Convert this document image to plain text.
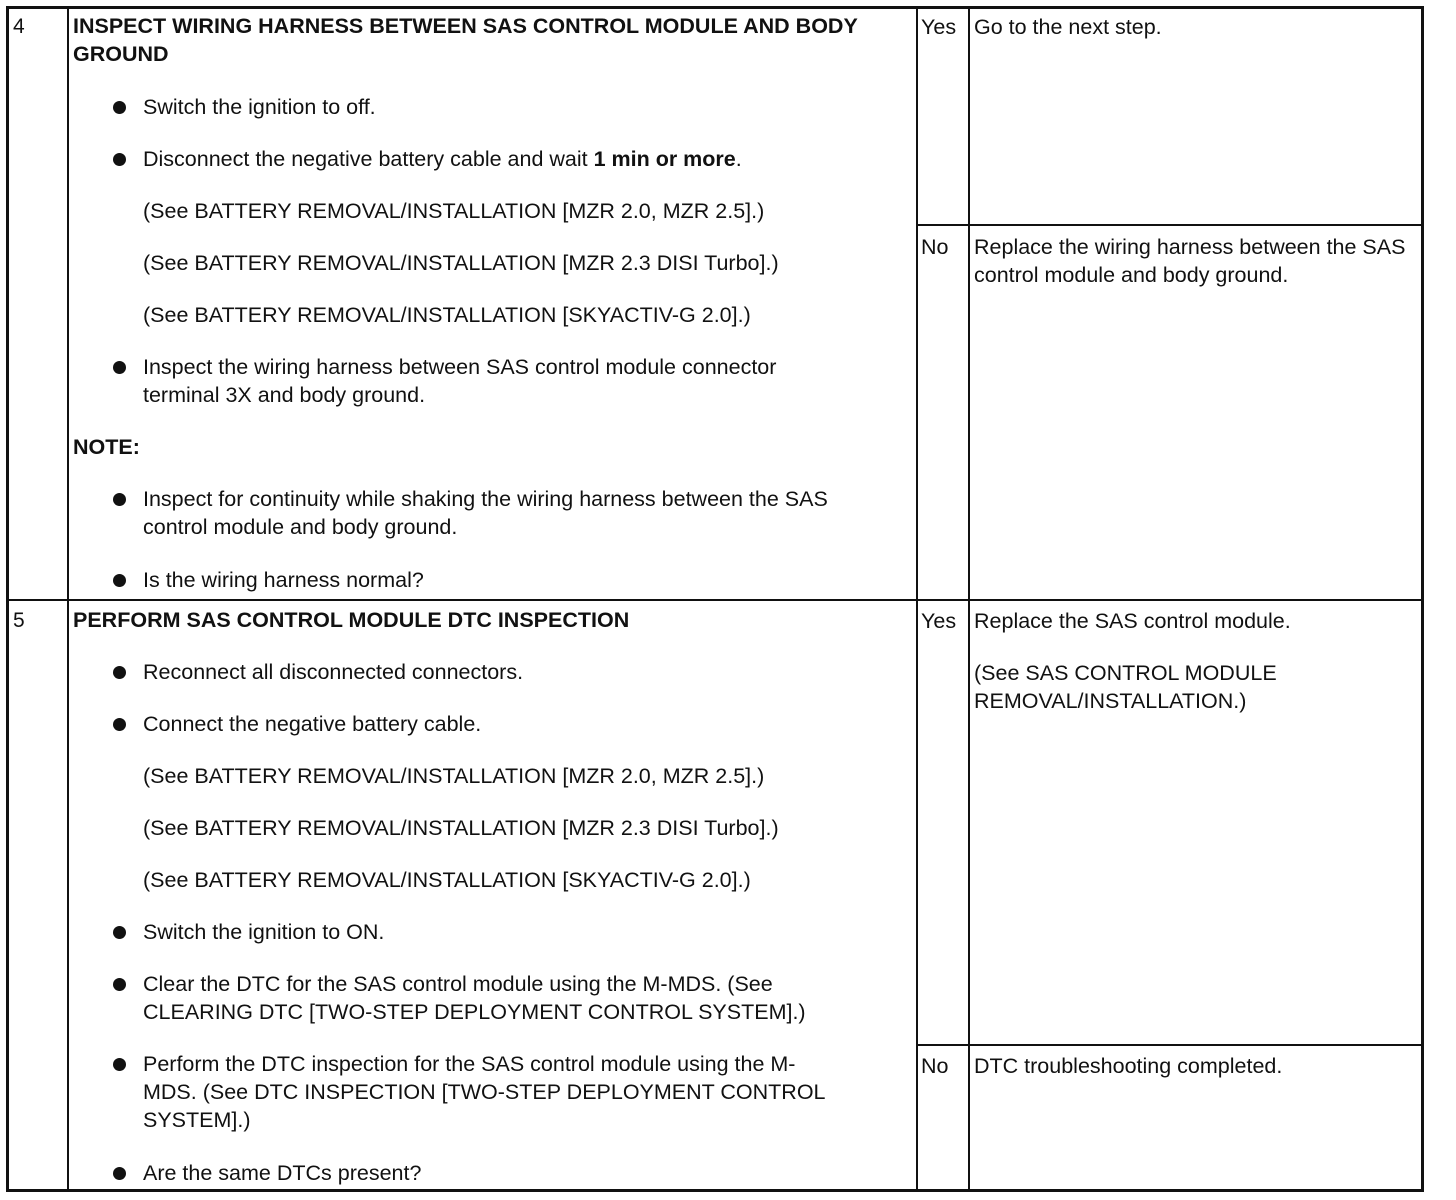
4 INSPECT WIRING HARNESS BETWEEN SAS CONTROL MODULE AND BODY GROUND
Switch the ignition to off.
Disconnect the negative battery cable and wait 1 min or more.
(See BATTERY REMOVAL/INSTALLATION [MZR 2.0, MZR 2.5].)
(See BATTERY REMOVAL/INSTALLATION [MZR 2.3 DISI Turbo].)
(See BATTERY REMOVAL/INSTALLATION [SKYACTIV-G 2.0].)
Inspect the wiring harness between SAS control module connector terminal 3X and body ground.
NOTE:
Inspect for continuity while shaking the wiring harness between the SAS control module and body ground.
Is the wiring harness normal?
Yes Go to the next step.
No Replace the wiring harness between the SAS control module and body ground.
5 PERFORM SAS CONTROL MODULE DTC INSPECTION
Reconnect all disconnected connectors.
Connect the negative battery cable.
(See BATTERY REMOVAL/INSTALLATION [MZR 2.0, MZR 2.5].)
(See BATTERY REMOVAL/INSTALLATION [MZR 2.3 DISI Turbo].)
(See BATTERY REMOVAL/INSTALLATION [SKYACTIV-G 2.0].)
Switch the ignition to ON.
Clear the DTC for the SAS control module using the M-MDS. (See CLEARING DTC [TWO-STEP DEPLOYMENT CONTROL SYSTEM].)
Perform the DTC inspection for the SAS control module using the M-MDS. (See DTC INSPECTION [TWO-STEP DEPLOYMENT CONTROL SYSTEM].)
Are the same DTCs present?
Yes Replace the SAS control module.
(See SAS CONTROL MODULE REMOVAL/INSTALLATION.)
No DTC troubleshooting completed.
